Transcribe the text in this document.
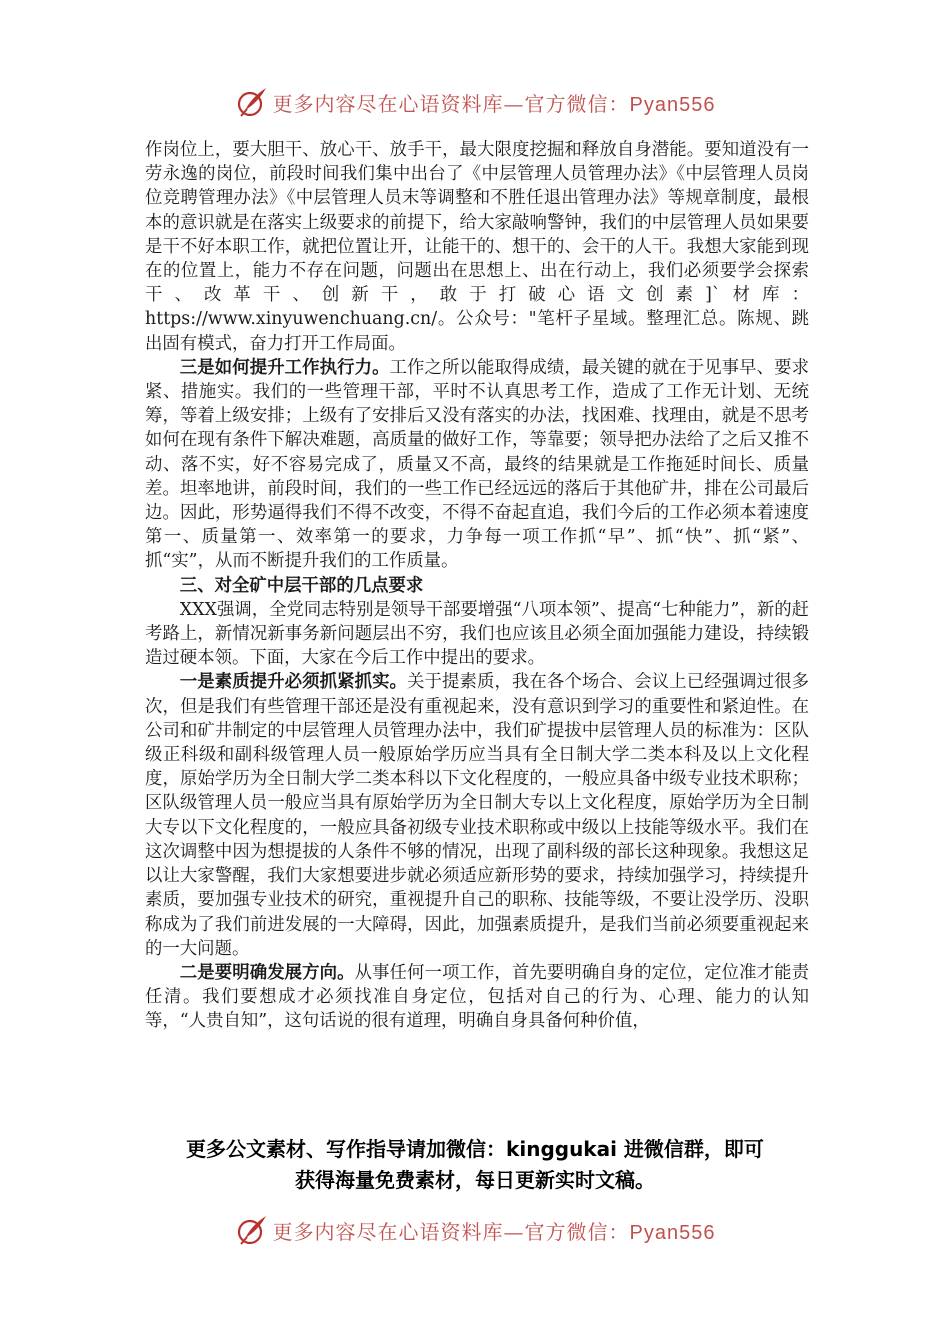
更多内容尽在心语资料库—官方微信：Pyan556

作岗位上，要大胆干、放心干、放手干，最大限度挖掘和释放自身潜能。要知道没有一劳永逸的岗位，前段时间我们集中出台了《中层管理人员管理办法》《中层管理人员岗位竞聘管理办法》《中层管理人员末等调整和不胜任退出管理办法》等规章制度，最根本的意识就是在落实上级要求的前提下，给大家敲响警钟，我们的中层管理人员如果要是干不好本职工作，就把位置让开，让能干的、想干的、会干的人干。我想大家能到现在的位置上，能力不存在问题，问题出在思想上、出在行动上，我们必须要学会探索干、改革干、创新干，敢于打破心语文创素]`材库：https://www.xinyuwenchuang.cn/。公众号："笔杆子星域。整理汇总。陈规、跳出固有模式，奋力打开工作局面。

三是如何提升工作执行力。工作之所以能取得成绩，最关键的就在于见事早、要求紧、措施实。我们的一些管理干部，平时不认真思考工作，造成了工作无计划、无统筹，等着上级安排；上级有了安排后又没有落实的办法，找困难、找理由，就是不思考如何在现有条件下解决难题，高质量的做好工作，等靠要；领导把办法给了之后又推不动、落不实，好不容易完成了，质量又不高，最终的结果就是工作拖延时间长、质量差。坦率地讲，前段时间，我们的一些工作已经远远的落后于其他矿井，排在公司最后边。因此，形势逼得我们不得不改变，不得不奋起直追，我们今后的工作必须本着速度第一、质量第一、效率第一的要求，力争每一项工作抓“早”、抓“快”、抓“紧”、抓“实”，从而不断提升我们的工作质量。

三、对全矿中层干部的几点要求

XXX强调，全党同志特别是领导干部要增强“八项本领”、提高“七种能力”，新的赶考路上，新情况新事务新问题层出不穷，我们也应该且必须全面加强能力建设，持续锻造过硬本领。下面，大家在今后工作中提出的要求。

一是素质提升必须抓紧抓实。关于提素质，我在各个场合、会议上已经强调过很多次，但是我们有些管理干部还是没有重视起来，没有意识到学习的重要性和紧迫性。在公司和矿井制定的中层管理人员管理办法中，我们矿提拔中层管理人员的标准为：区队级正科级和副科级管理人员一般原始学历应当具有全日制大学二类本科及以上文化程度，原始学历为全日制大学二类本科以下文化程度的，一般应具备中级专业技术职称；区队级管理人员一般应当具有原始学历为全日制大专以上文化程度，原始学历为全日制大专以下文化程度的，一般应具备初级专业技术职称或中级以上技能等级水平。我们在这次调整中因为想提拔的人条件不够的情况，出现了副科级的部长这种现象。我想这足以让大家警醒，我们大家想要进步就必须适应新形势的要求，持续加强学习，持续提升素质，要加强专业技术的研究，重视提升自己的职称、技能等级，不要让没学历、没职称成为了我们前进发展的一大障碍，因此，加强素质提升，是我们当前必须要重视起来的一大问题。

二是要明确发展方向。从事任何一项工作，首先要明确自身的定位，定位准才能责任清。我们要想成才必须找准自身定位，包括对自己的行为、心理、能力的认知等，“人贵自知”，这句话说的很有道理，明确自身具备何种价值，

更多公文素材、写作指导请加微信：kinggukai 进微信群，即可
获得海量免费素材，每日更新实时文稿。
更多内容尽在心语资料库—官方微信：Pyan556
